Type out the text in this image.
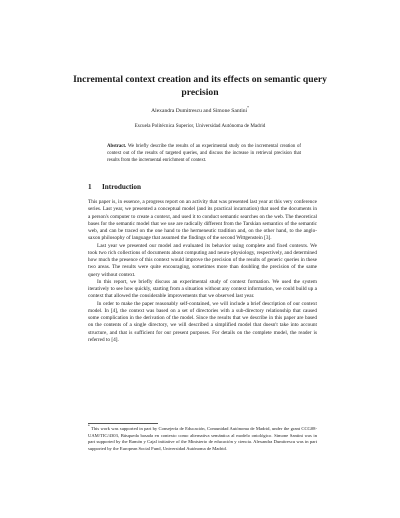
Incremental context creation and its effects on semantic query precision
Alexandra Dumitrescu and Simone Santini*
Escuela Politécnica Superior, Universidad Autónoma de Madrid
Abstract. We briefly describe the results of an experimental study on the incremental creation of context out of the results of targeted queries, and discuss the increase in retrieval precision that results from the incremental enrichment of context.
1 Introduction

This paper is, in essence, a progress report on an activity that was presented last year at this very conference series. Last year, we presented a conceptual model (and its practical incarnation) that used the documents in a person's computer to create a context, and used it to conduct semantic searches on the web. The theoretical bases for the semantic model that we use are radically different from the Tarskian semantics of the semantic web, and can be traced on the one hand to the hermeneutic tradition and, on the other hand, to the anglo-saxon philosophy of language that assumed the findings of the second Wittgenstein [3].

Last year we presented our model and evaluated its behavior using complete and fixed contexts. We took two rich collections of documents about computing and neuro-physiology, respectively, and determined how much the presence of this context would improve the precision of the results of generic queries in these two areas. The results were quite encouraging, sometimes more than doubling the precision of the same query without context.

In this report, we briefly discuss an experimental study of context formation. We used the system iteratively to see how quickly, starting from a situation without any context information, we could build up a context that allowed the considerable improvements that we observed last year.

In order to make the paper reasonably self-contained, we will include a brief description of our context model. In [4], the context was based on a set of directories with a sub-directory relationship that caused some complication in the derivation of the model. Since the results that we describe in this paper are based on the contents of a single directory, we will described a simplified model that doesn't take into account structure, and that is sufficient for our present purposes. For details on the complete model, the reader is referred to [4].

* This work was supported in part by Consejería de Educación, Comunidad Autónoma de Madrid, under the grant CCG08-UAM/TIC/4303, Búsqueda basada en contexto como alternativa semántica al modelo ontológico. Simone Santini was in part supported by the Ramón y Cajal initiative of the Ministerio de educación y ciencia. Alexandra Dumitrescu was in part supported by the European Social Fund, Universidad Autónoma de Madrid.
